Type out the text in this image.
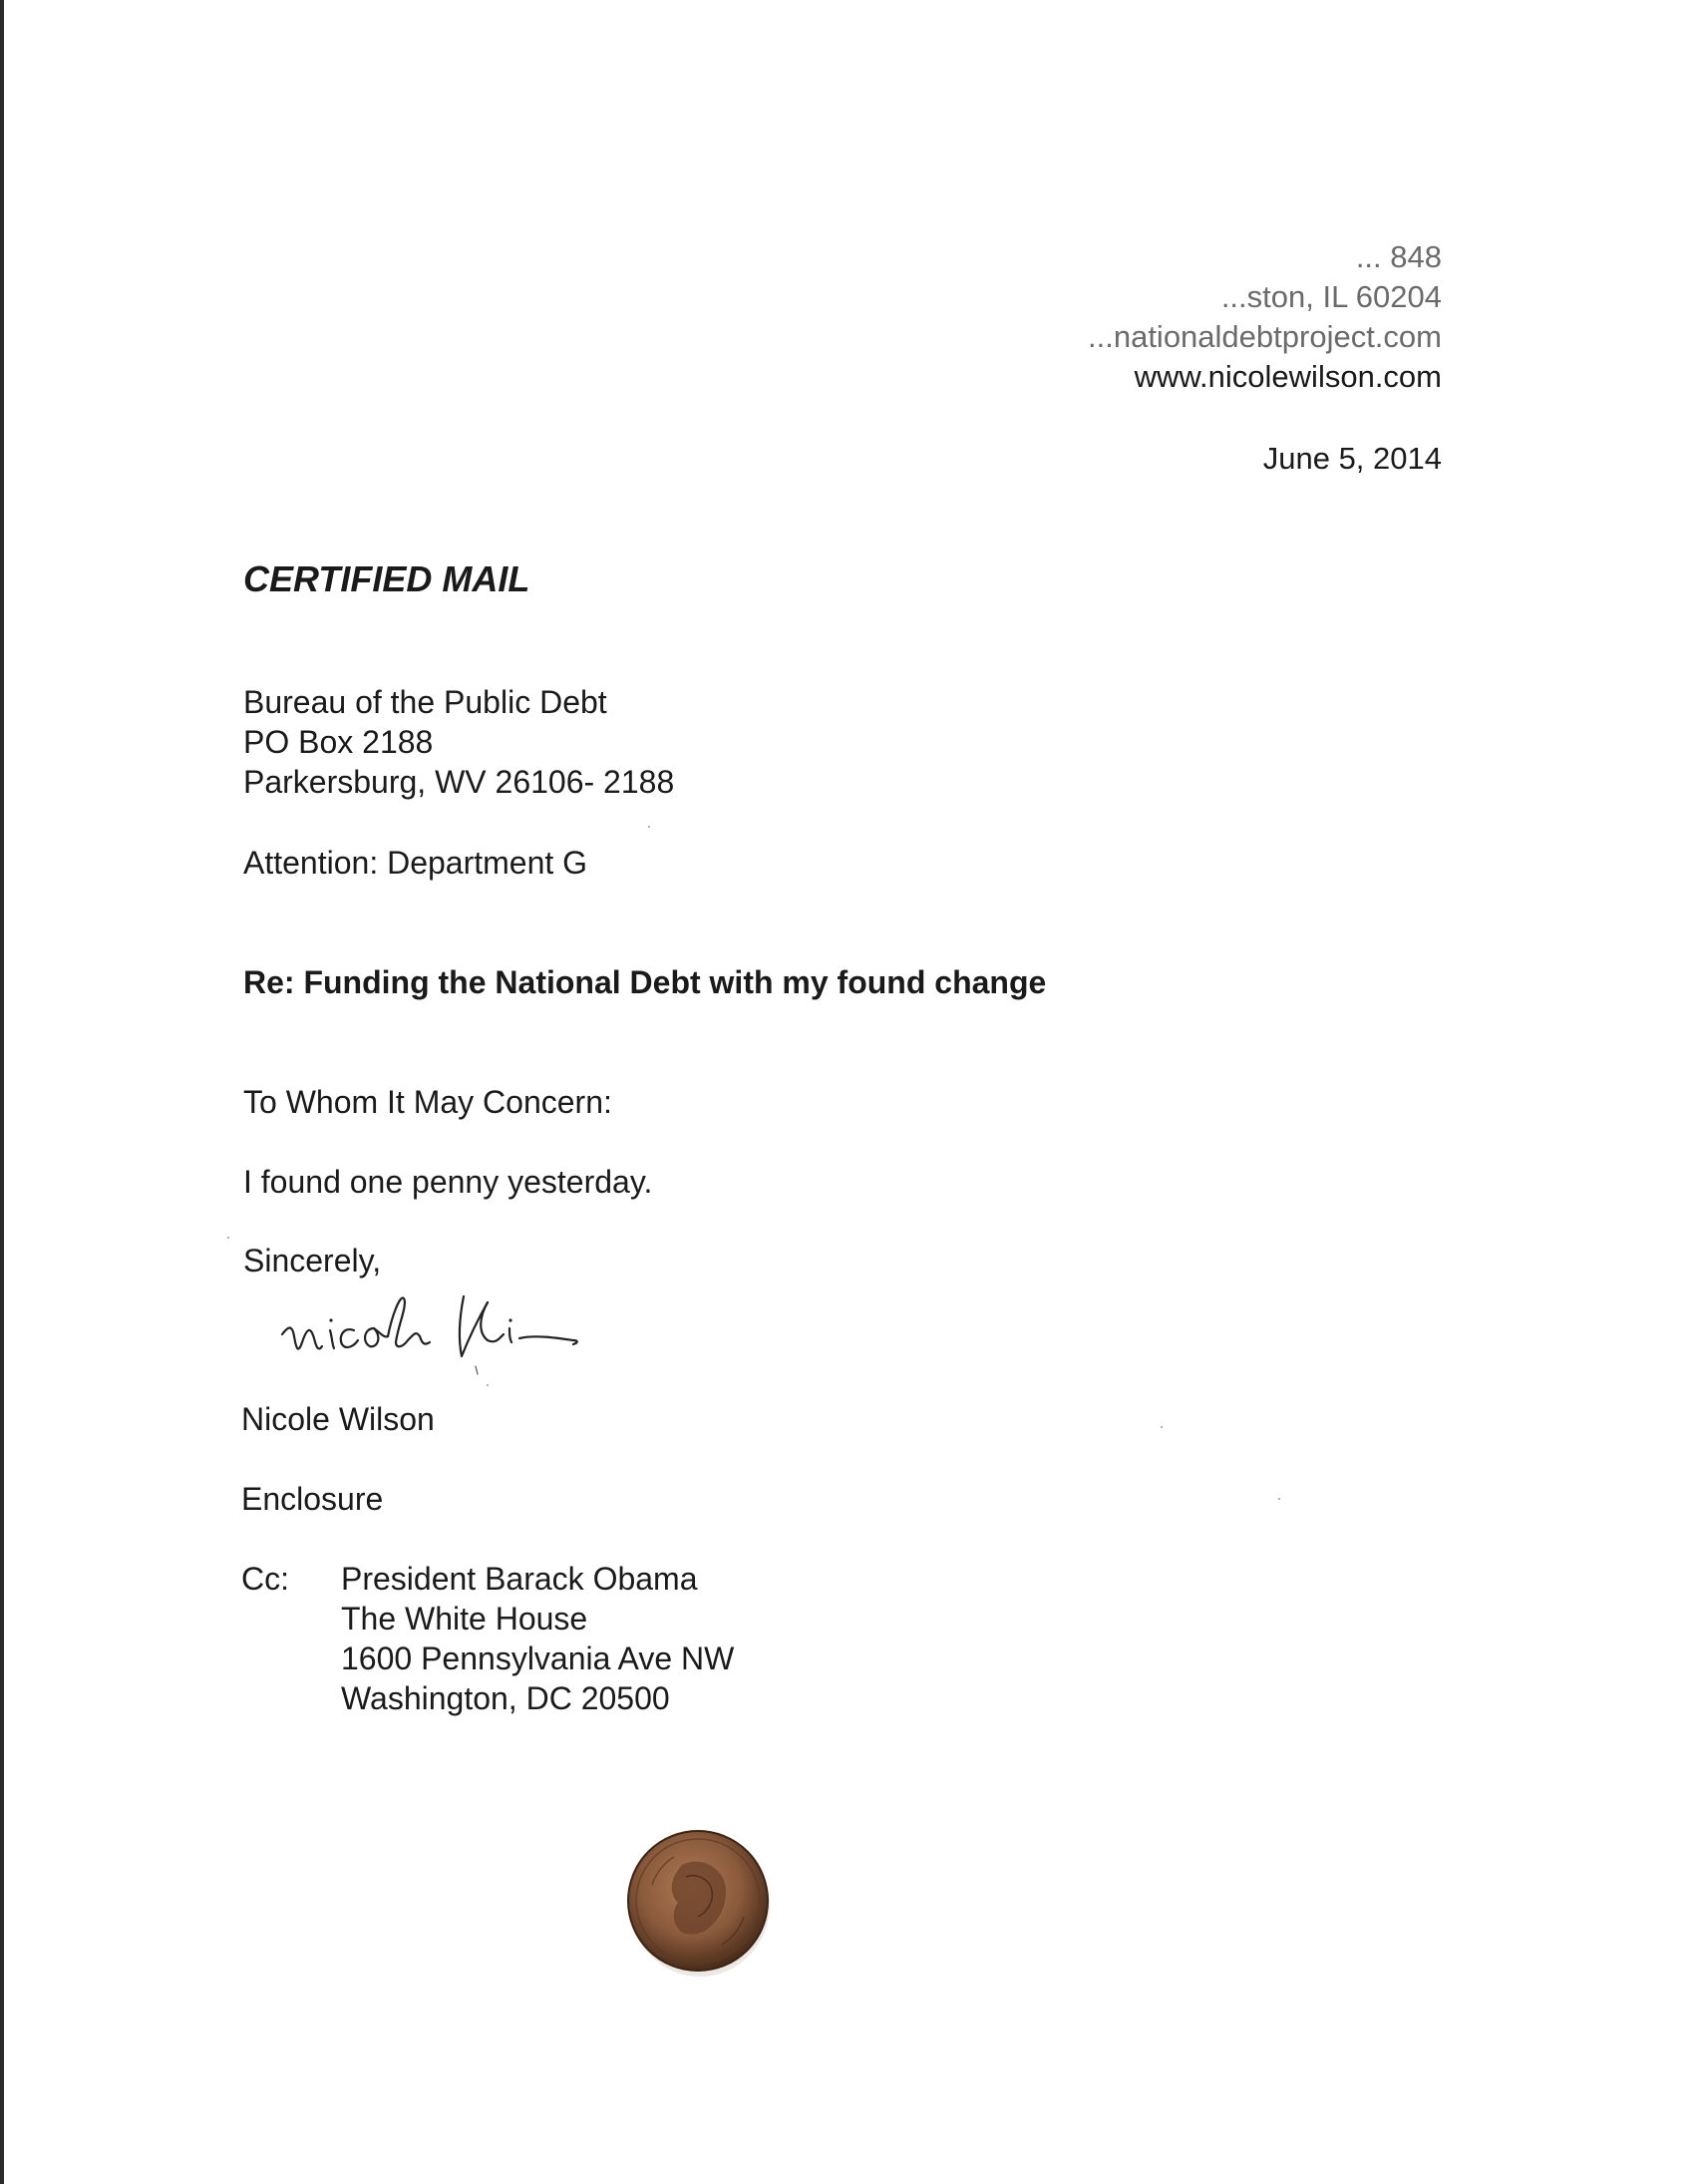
... 848
...ston, IL 60204
...nationaldebtproject.com
www.nicolewilson.com
June 5, 2014
CERTIFIED MAIL
Bureau of the Public Debt
PO Box 2188
Parkersburg, WV 26106- 2188
Attention: Department G
Re: Funding the National Debt with my found change
To Whom It May Concern:
I found one penny yesterday.
Sincerely,
Nicole Wilson
Enclosure
Cc: President Barack Obama
The White House
1600 Pennsylvania Ave NW
Washington, DC 20500
